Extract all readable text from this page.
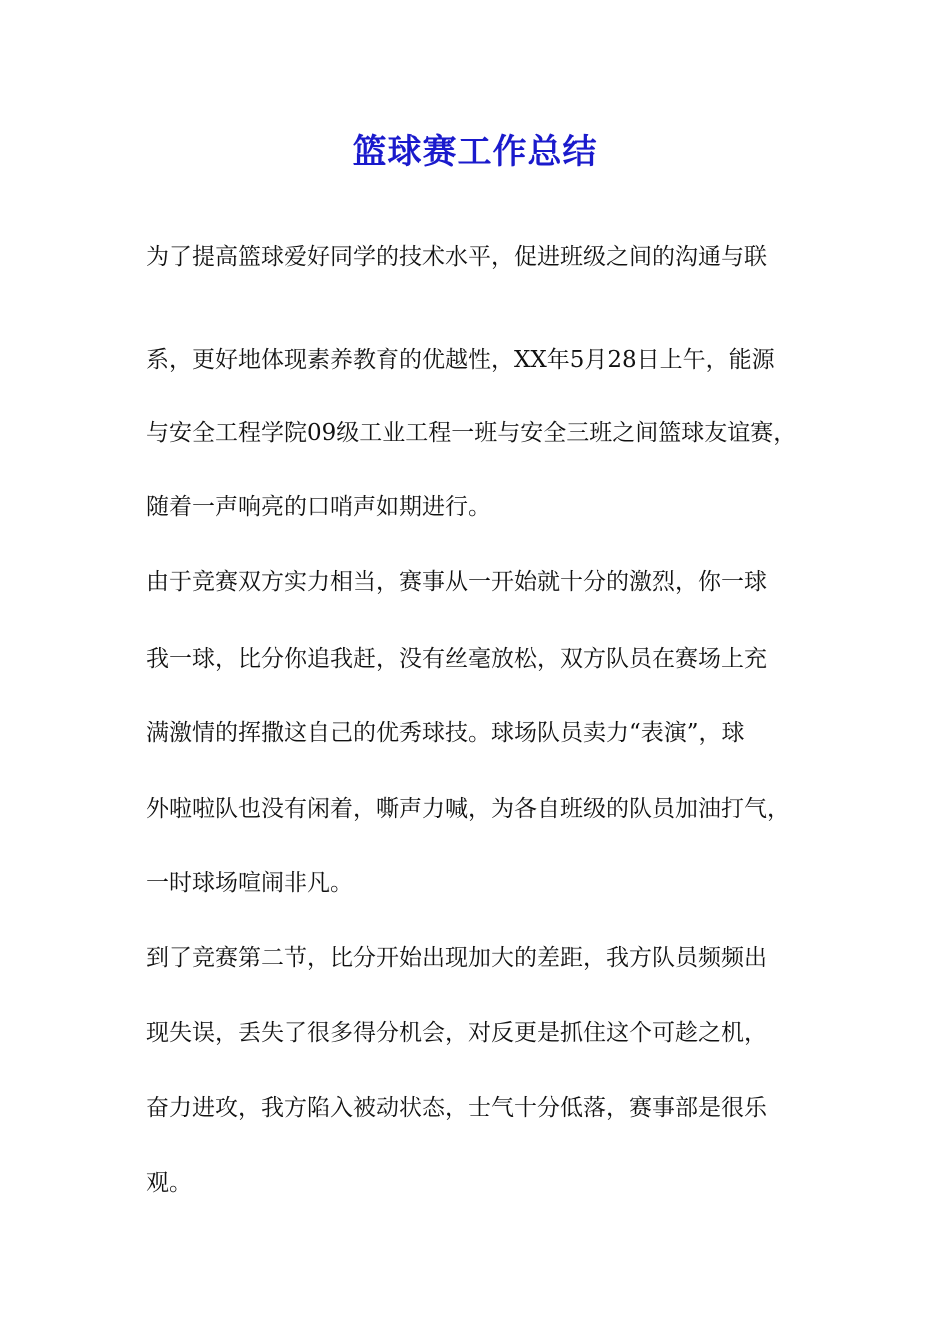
篮球赛工作总结
为了提高篮球爱好同学的技术水平，促进班级之间的沟通与联
系，更好地体现素养教育的优越性，XX年5月28日上午，能源
与安全工程学院09级工业工程一班与安全三班之间篮球友谊赛，
随着一声响亮的口哨声如期进行。
由于竞赛双方实力相当，赛事从一开始就十分的激烈，你一球
我一球，比分你追我赶，没有丝毫放松，双方队员在赛场上充
满激情的挥撒这自己的优秀球技。球场队员卖力“表演”，球
外啦啦队也没有闲着，嘶声力喊，为各自班级的队员加油打气，
一时球场喧闹非凡。
到了竞赛第二节，比分开始出现加大的差距，我方队员频频出
现失误，丢失了很多得分机会，对反更是抓住这个可趁之机，
奋力进攻，我方陷入被动状态，士气十分低落，赛事部是很乐
观。
